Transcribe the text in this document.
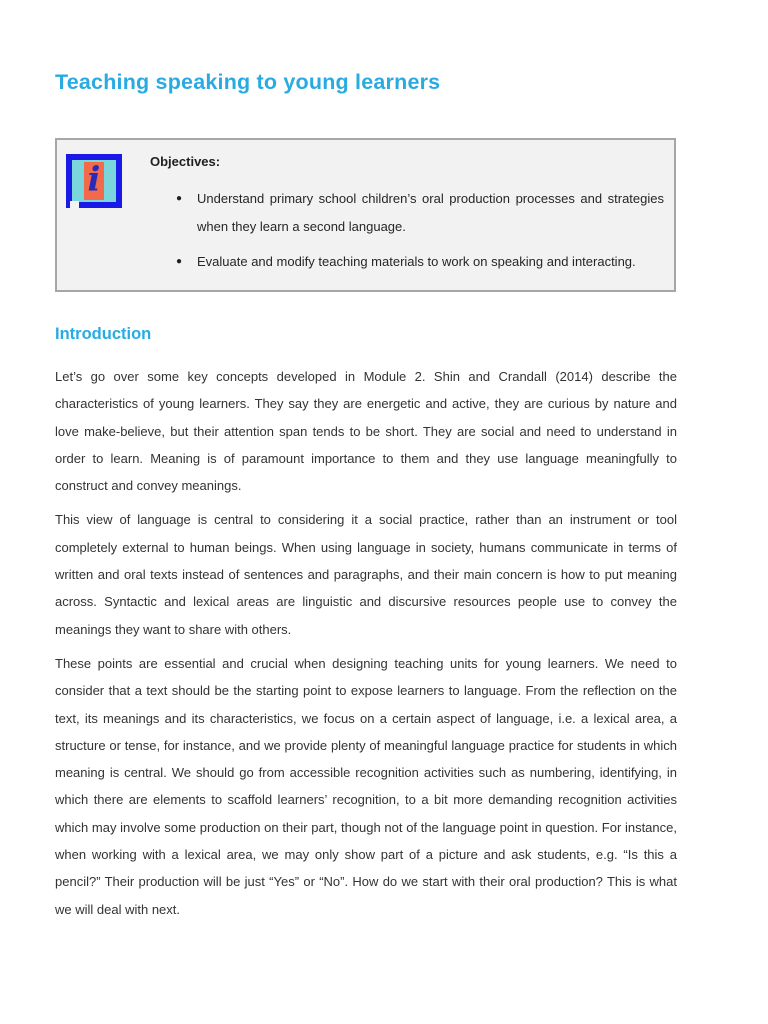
Teaching speaking to young learners
i	Objectives:
●	Understand primary school children’s oral production processes and strategies when they learn a second language.
●	Evaluate and modify teaching materials to work on speaking and interacting.
Introduction

Let’s go over some key concepts developed in Module 2. Shin and Crandall (2014) describe the characteristics of young learners. They say they are energetic and active, they are curious by nature and love make-believe, but their attention span tends to be short. They are social and need to understand in order to learn. Meaning is of paramount importance to them and they use language meaningfully to construct and convey meanings.

This view of language is central to considering it a social practice, rather than an instrument or tool completely external to human beings. When using language in society, humans communicate in terms of written and oral texts instead of sentences and paragraphs, and their main concern is how to put meaning across. Syntactic and lexical areas are linguistic and discursive resources people use to convey the meanings they want to share with others.

These points are essential and crucial when designing teaching units for young learners. We need to consider that a text should be the starting point to expose learners to language. From the reflection on the text, its meanings and its characteristics, we focus on a certain aspect of language, i.e. a lexical area, a structure or tense, for instance, and we provide plenty of meaningful language practice for students in which meaning is central. We should go from accessible recognition activities such as numbering, identifying, in which there are elements to scaffold learners’ recognition, to a bit more demanding recognition activities which may involve some production on their part, though not of the language point in question. For instance, when working with a lexical area, we may only show part of a picture and ask students, e.g. “Is this a pencil?” Their production will be just “Yes” or “No”. How do we start with their oral production? This is what we will deal with next.
